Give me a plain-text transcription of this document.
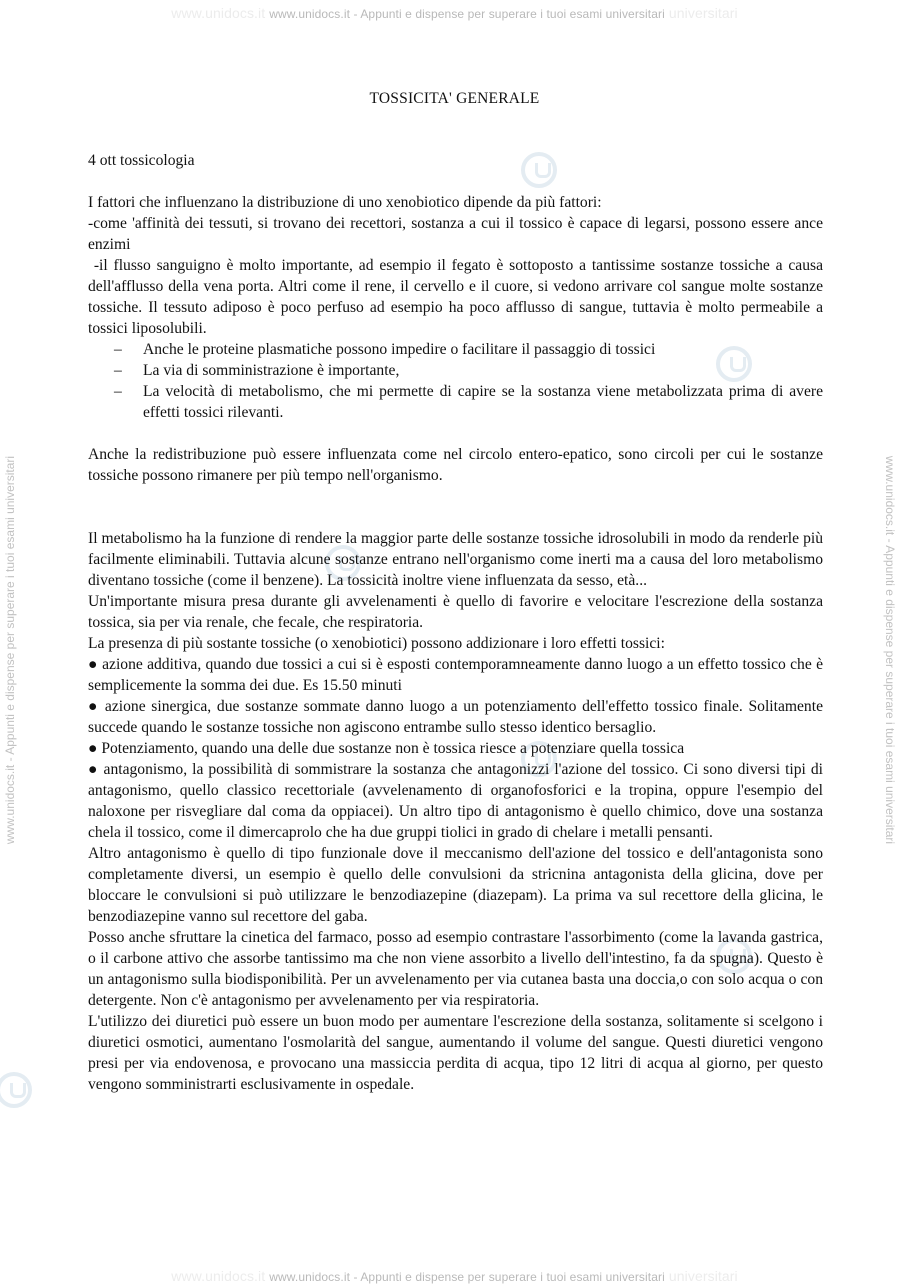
www.unidocs.it www.unidocs.it - Appunti e dispense per superare i tuoi esami universitari universitari
www.unidocs.it www.unidocs.it - Appunti e dispense per superare i tuoi esami universitari universitari
www.unidocs.it - Appunti e dispense per superare i tuoi esami universitari	www.unidocs.it - Appunti e dispense per superare i tuoi esami universitari
TOSSICITA' GENERALE

4 ott tossicologia

I fattori che influenzano la distribuzione di uno xenobiotico dipende da più fattori:

-come 'affinità dei tessuti, si trovano dei recettori, sostanza a cui il tossico è capace di legarsi, possono essere ance enzimi

-il flusso sanguigno è molto importante, ad esempio il fegato è sottoposto a tantissime sostanze tossiche a causa dell'afflusso della vena porta. Altri come il rene, il cervello e il cuore, si vedono arrivare col sangue molte sostanze tossiche. Il tessuto adiposo è poco perfuso ad esempio ha poco afflusso di sangue, tuttavia è molto permeabile a tossici liposolubili.

– Anche le proteine plasmatiche possono impedire o facilitare il passaggio di tossici
– La via di somministrazione è importante,
– La velocità di metabolismo, che mi permette di capire se la sostanza viene metabolizzata prima di avere effetti tossici rilevanti.

Anche la redistribuzione può essere influenzata come nel circolo entero-epatico, sono circoli per cui le sostanze tossiche possono rimanere per più tempo nell'organismo.

Il metabolismo ha la funzione di rendere la maggior parte delle sostanze tossiche idrosolubili in modo da renderle più facilmente eliminabili. Tuttavia alcune sostanze entrano nell'organismo come inerti ma a causa del loro metabolismo diventano tossiche (come il benzene). La tossicità inoltre viene influenzata da sesso, età...

Un'importante misura presa durante gli avvelenamenti è quello di favorire e velocitare l'escrezione della sostanza tossica, sia per via renale, che fecale, che respiratoria.

La presenza di più sostante tossiche (o xenobiotici) possono addizionare i loro effetti tossici:

● azione additiva, quando due tossici a cui si è esposti contemporamneamente danno luogo a un effetto tossico che è semplicemente la somma dei due. Es 15.50 minuti

● azione sinergica, due sostanze sommate danno luogo a un potenziamento dell'effetto tossico finale. Solitamente succede quando le sostanze tossiche non agiscono entrambe sullo stesso identico bersaglio.

● Potenziamento, quando una delle due sostanze non è tossica riesce a potenziare quella tossica

● antagonismo, la possibilità di sommistrare la sostanza che antagonizzi l'azione del tossico. Ci sono diversi tipi di antagonismo, quello classico recettoriale (avvelenamento di organofosforici e la tropina, oppure l'esempio del naloxone per risvegliare dal coma da oppiacei). Un altro tipo di antagonismo è quello chimico, dove una sostanza chela il tossico, come il dimercaprolo che ha due gruppi tiolici in grado di chelare i metalli pensanti.

Altro antagonismo è quello di tipo funzionale dove il meccanismo dell'azione del tossico e dell'antagonista sono completamente diversi, un esempio è quello delle convulsioni da stricnina antagonista della glicina, dove per bloccare le convulsioni si può utilizzare le benzodiazepine (diazepam). La prima va sul recettore della glicina, le benzodiazepine vanno sul recettore del gaba.

Posso anche sfruttare la cinetica del farmaco, posso ad esempio contrastare l'assorbimento (come la lavanda gastrica, o il carbone attivo che assorbe tantissimo ma che non viene assorbito a livello dell'intestino, fa da spugna). Questo è un antagonismo sulla biodisponibilità. Per un avvelenamento per via cutanea basta una doccia,o con solo acqua o con detergente. Non c'è antagonismo per avvelenamento per via respiratoria.

L'utilizzo dei diuretici può essere un buon modo per aumentare l'escrezione della sostanza, solitamente si scelgono i diuretici osmotici, aumentano l'osmolarità del sangue, aumentando il volume del sangue. Questi diuretici vengono presi per via endovenosa, e provocano una massiccia perdita di acqua, tipo 12 litri di acqua al giorno, per questo vengono somministrarti esclusivamente in ospedale.
